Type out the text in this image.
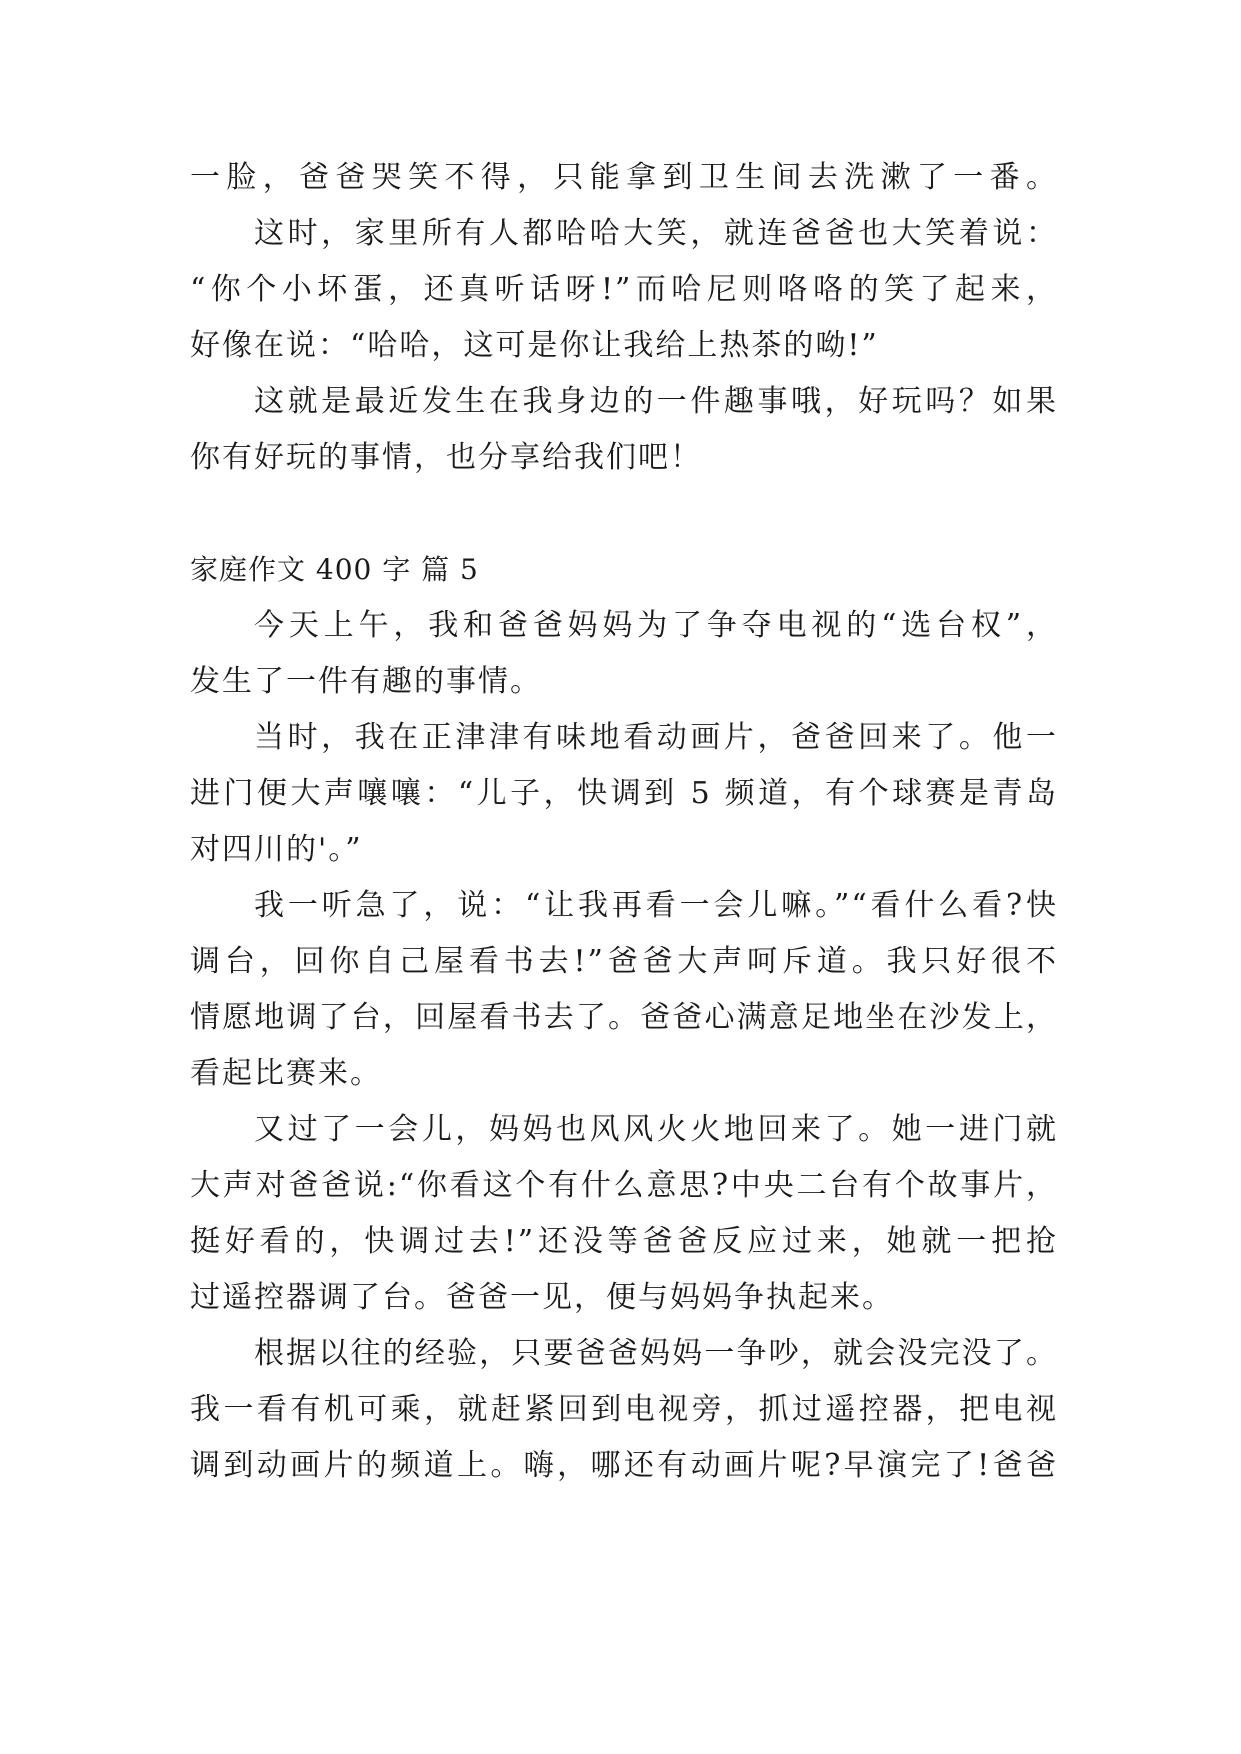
一脸，爸爸哭笑不得，只能拿到卫生间去洗漱了一番。
这时，家里所有人都哈哈大笑，就连爸爸也大笑着说：
“你个小坏蛋，还真听话呀!”而哈尼则咯咯的笑了起来，
好像在说：“哈哈，这可是你让我给上热茶的呦!”
这就是最近发生在我身边的一件趣事哦，好玩吗？如果
你有好玩的事情，也分享给我们吧！
家庭作文 400 字 篇 5
今天上午，我和爸爸妈妈为了争夺电视的“选台权”，
发生了一件有趣的事情。
当时，我在正津津有味地看动画片，爸爸回来了。他一
进门便大声嚷嚷：“儿子，快调到 5 频道，有个球赛是青岛
对四川的'。”
我一听急了，说：“让我再看一会儿嘛。”“看什么看?快
调台，回你自己屋看书去!”爸爸大声呵斥道。我只好很不
情愿地调了台，回屋看书去了。爸爸心满意足地坐在沙发上，
看起比赛来。
又过了一会儿，妈妈也风风火火地回来了。她一进门就
大声对爸爸说:“你看这个有什么意思?中央二台有个故事片，
挺好看的，快调过去!”还没等爸爸反应过来，她就一把抢
过遥控器调了台。爸爸一见，便与妈妈争执起来。
根据以往的经验，只要爸爸妈妈一争吵，就会没完没了。
我一看有机可乘，就赶紧回到电视旁，抓过遥控器，把电视
调到动画片的频道上。嗨，哪还有动画片呢?早演完了!爸爸
